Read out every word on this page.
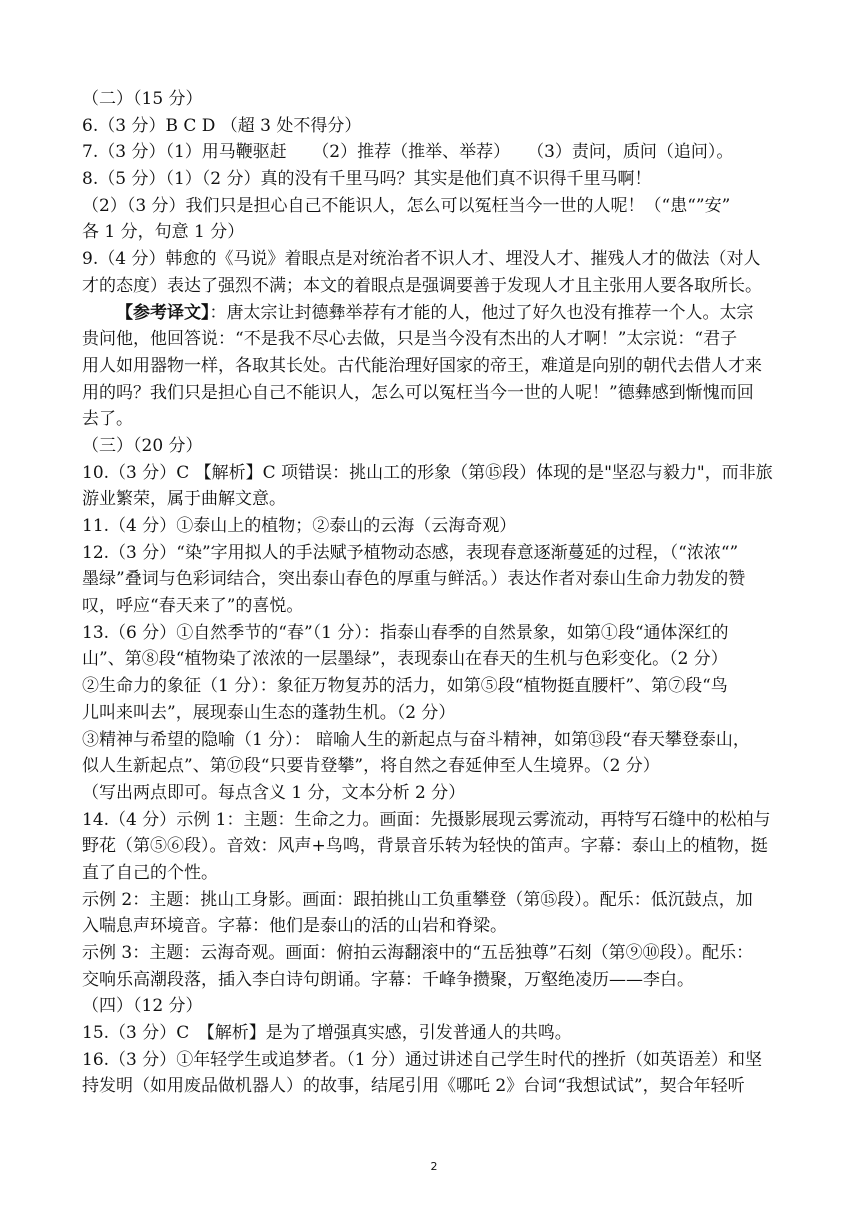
（二）（15 分）
6.（3 分）B C D （超 3 处不得分）
7.（3 分）（1）用马鞭驱赶　　（2）推荐（推举、举荐）　　（3）责问，质问（追问）。
8.（5 分）（1）（2 分）真的没有千里马吗？其实是他们真不识得千里马啊！
（2）（3 分）我们只是担心自己不能识人，怎么可以冤枉当今一世的人呢！（“患“”安”
各 1 分，句意 1 分）
9.（4 分）韩愈的《马说》着眼点是对统治者不识人才、埋没人才、摧残人才的做法（对人
才的态度）表达了强烈不满；本文的着眼点是强调要善于发现人才且主张用人要各取所长。
【参考译文】：唐太宗让封德彝举荐有才能的人，他过了好久也没有推荐一个人。太宗
贵问他，他回答说：“不是我不尽心去做，只是当今没有杰出的人才啊！”太宗说：“君子
用人如用器物一样，各取其长处。古代能治理好国家的帝王，难道是向别的朝代去借人才来
用的吗？我们只是担心自己不能识人，怎么可以冤枉当今一世的人呢！”德彝感到惭愧而回
去了。
（三）（20 分）
10.（3 分）C 【解析】C 项错误：挑山工的形象（第⑮段）体现的是"坚忍与毅力"，而非旅
游业繁荣，属于曲解文意。
11.（4 分）①泰山上的植物；②泰山的云海（云海奇观）
12.（3 分）“染”字用拟人的手法赋予植物动态感，表现春意逐渐蔓延的过程，（“浓浓“”
墨绿”叠词与色彩词结合，突出泰山春色的厚重与鲜活。）表达作者对泰山生命力勃发的赞
叹，呼应“春天来了”的喜悦。
13.（6 分）①自然季节的“春”（1 分）：指泰山春季的自然景象，如第①段“通体深红的
山”、第⑧段“植物染了浓浓的一层墨绿”，表现泰山在春天的生机与色彩变化。（2 分）
②生命力的象征（1 分）：象征万物复苏的活力，如第⑤段“植物挺直腰杆”、第⑦段“鸟
儿叫来叫去”，展现泰山生态的蓬勃生机。（2 分）
③精神与希望的隐喻（1 分）： 暗喻人生的新起点与奋斗精神，如第⑬段“春天攀登泰山，
似人生新起点”、第⑰段“只要肯登攀”，将自然之春延伸至人生境界。（2 分）
（写出两点即可。每点含义 1 分，文本分析 2 分）
14.（4 分）示例 1：主题：生命之力。画面：先摄影展现云雾流动，再特写石缝中的松柏与
野花（第⑤⑥段）。音效：风声+鸟鸣，背景音乐转为轻快的笛声。字幕：泰山上的植物，挺
直了自己的个性。
示例 2：主题：挑山工身影。画面：跟拍挑山工负重攀登（第⑮段）。配乐：低沉鼓点，加
入喘息声环境音。字幕：他们是泰山的活的山岩和脊梁。
示例 3：主题：云海奇观。画面：俯拍云海翻滚中的“五岳独尊”石刻（第⑨⑩段）。配乐：
交响乐高潮段落，插入李白诗句朗诵。字幕：千峰争攒聚，万壑绝凌历——李白。
（四）（12 分）
15.（3 分）C　【解析】是为了增强真实感，引发普通人的共鸣。
16.（3 分）①年轻学生或追梦者。（1 分）通过讲述自己学生时代的挫折（如英语差）和坚
持发明（如用废品做机器人）的故事，结尾引用《哪吒 2》台词“我想试试”，契合年轻听
2
